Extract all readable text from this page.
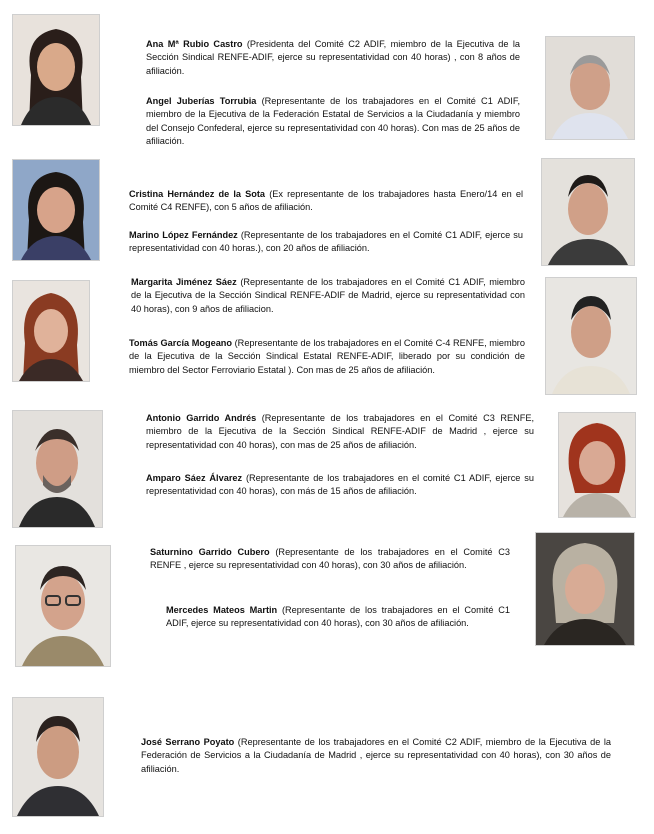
Ana Mª Rubio Castro (Presidenta del Comité C2 ADIF, miembro de la Ejecutiva de la Sección Sindical RENFE-ADIF, ejerce su representatividad con 40 horas) , con 8 años de afiliación.

Angel Juberías Torrubia (Representante de los trabajadores en el Comité C1 ADIF, miembro de la Ejecutiva de la Federación Estatal de Servicios a la Ciudadanía y miembro del Consejo Confederal, ejerce su representatividad con 40 horas). Con mas de 25 años de afiliación.

Cristina Hernández de la Sota (Ex representante de los trabajadores hasta Enero/14 en el Comité C4 RENFE), con 5 años de afiliación.

Marino López Fernández (Representante de los trabajadores en el Comité C1 ADIF, ejerce su representatividad con 40 horas.), con 20 años de afiliación.

Margarita Jiménez Sáez (Representante de los trabajadores en el Comité C1 ADIF, miembro de la Ejecutiva de la Sección Sindical RENFE-ADIF de Madrid, ejerce su representatividad con 40 horas), con 9 años de afiliacion.

Tomás García Mogeano (Representante de los trabajadores en el Comité C-4 RENFE, miembro de la Ejecutiva de la Sección Sindical Estatal RENFE-ADIF, liberado por su condición de miembro del Sector Ferroviario Estatal ). Con mas de 25 años de afiliación.

Antonio Garrido Andrés (Representante de los trabajadores en el Comité C3 RENFE, miembro de la Ejecutiva de la Sección Sindical RENFE-ADIF de Madrid , ejerce su representatividad con 40 horas), con mas de 25 años de afiliación.

Amparo Sáez Álvarez (Representante de los trabajadores en el comité C1 ADIF, ejerce su representatividad con 40 horas), con más de 15 años de afiliación.

Saturnino Garrido Cubero (Representante de los trabajadores en el Comité C3 RENFE , ejerce su representatividad con 40 horas), con 30 años de afiliación.

Mercedes Mateos Martin (Representante de los trabajadores en el Comité C1 ADIF, ejerce su representatividad con 40 horas), con 30 años de afiliación.

José Serrano Poyato (Representante de los trabajadores en el Comité C2 ADIF, miembro de la Ejecutiva de la Federación de Servicios a la Ciudadanía de Madrid , ejerce su representatividad con 40 horas), con 30 años de afiliación.
